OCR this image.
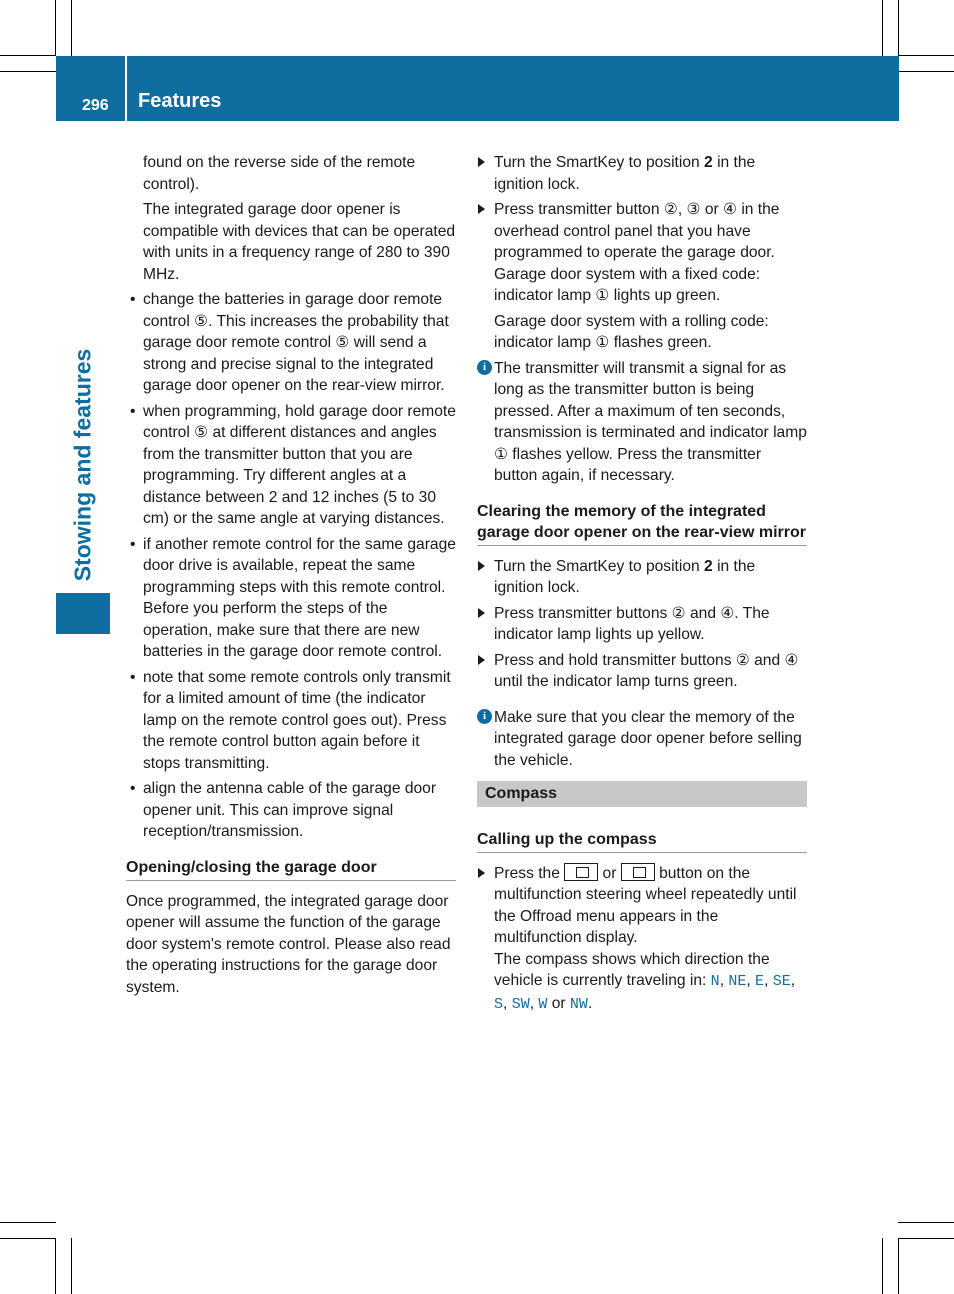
296 Features
Stowing and features

found on the reverse side of the remote control).

The integrated garage door opener is compatible with devices that can be operated with units in a frequency range of 280 to 390 MHz.

• change the batteries in garage door remote control ⑤. This increases the probability that garage door remote control ⑤ will send a strong and precise signal to the integrated garage door opener on the rear-view mirror.
• when programming, hold garage door remote control ⑤ at different distances and angles from the transmitter button that you are programming. Try different angles at a distance between 2 and 12 inches (5 to 30 cm) or the same angle at varying distances.
• if another remote control for the same garage door drive is available, repeat the same programming steps with this remote control. Before you perform the steps of the operation, make sure that there are new batteries in the garage door remote control.
• note that some remote controls only transmit for a limited amount of time (the indicator lamp on the remote control goes out). Press the remote control button again before it stops transmitting.
• align the antenna cable of the garage door opener unit. This can improve signal reception/transmission.
Opening/closing the garage door

Once programmed, the integrated garage door opener will assume the function of the garage door system's remote control. Please also read the operating instructions for the garage door system.

Turn the SmartKey to position 2 in the ignition lock.
Press transmitter button ②, ③ or ④ in the overhead control panel that you have programmed to operate the garage door. Garage door system with a fixed code: indicator lamp ① lights up green.

Garage door system with a rolling code: indicator lamp ① flashes green.

i The transmitter will transmit a signal for as long as the transmitter button is being pressed. After a maximum of ten seconds, transmission is terminated and indicator lamp ① flashes yellow. Press the transmitter button again, if necessary.
Clearing the memory of the integrated garage door opener on the rear-view mirror
Turn the SmartKey to position 2 in the ignition lock.
Press transmitter buttons ② and ④. The indicator lamp lights up yellow.
Press and hold transmitter buttons ② and ④ until the indicator lamp turns green.
i Make sure that you clear the memory of the integrated garage door opener before selling the vehicle.
Compass
Calling up the compass
Press the  or  button on the multifunction steering wheel repeatedly until the Offroad menu appears in the multifunction display.
The compass shows which direction the vehicle is currently traveling in: N, NE, E, SE, S, SW, W or NW.
